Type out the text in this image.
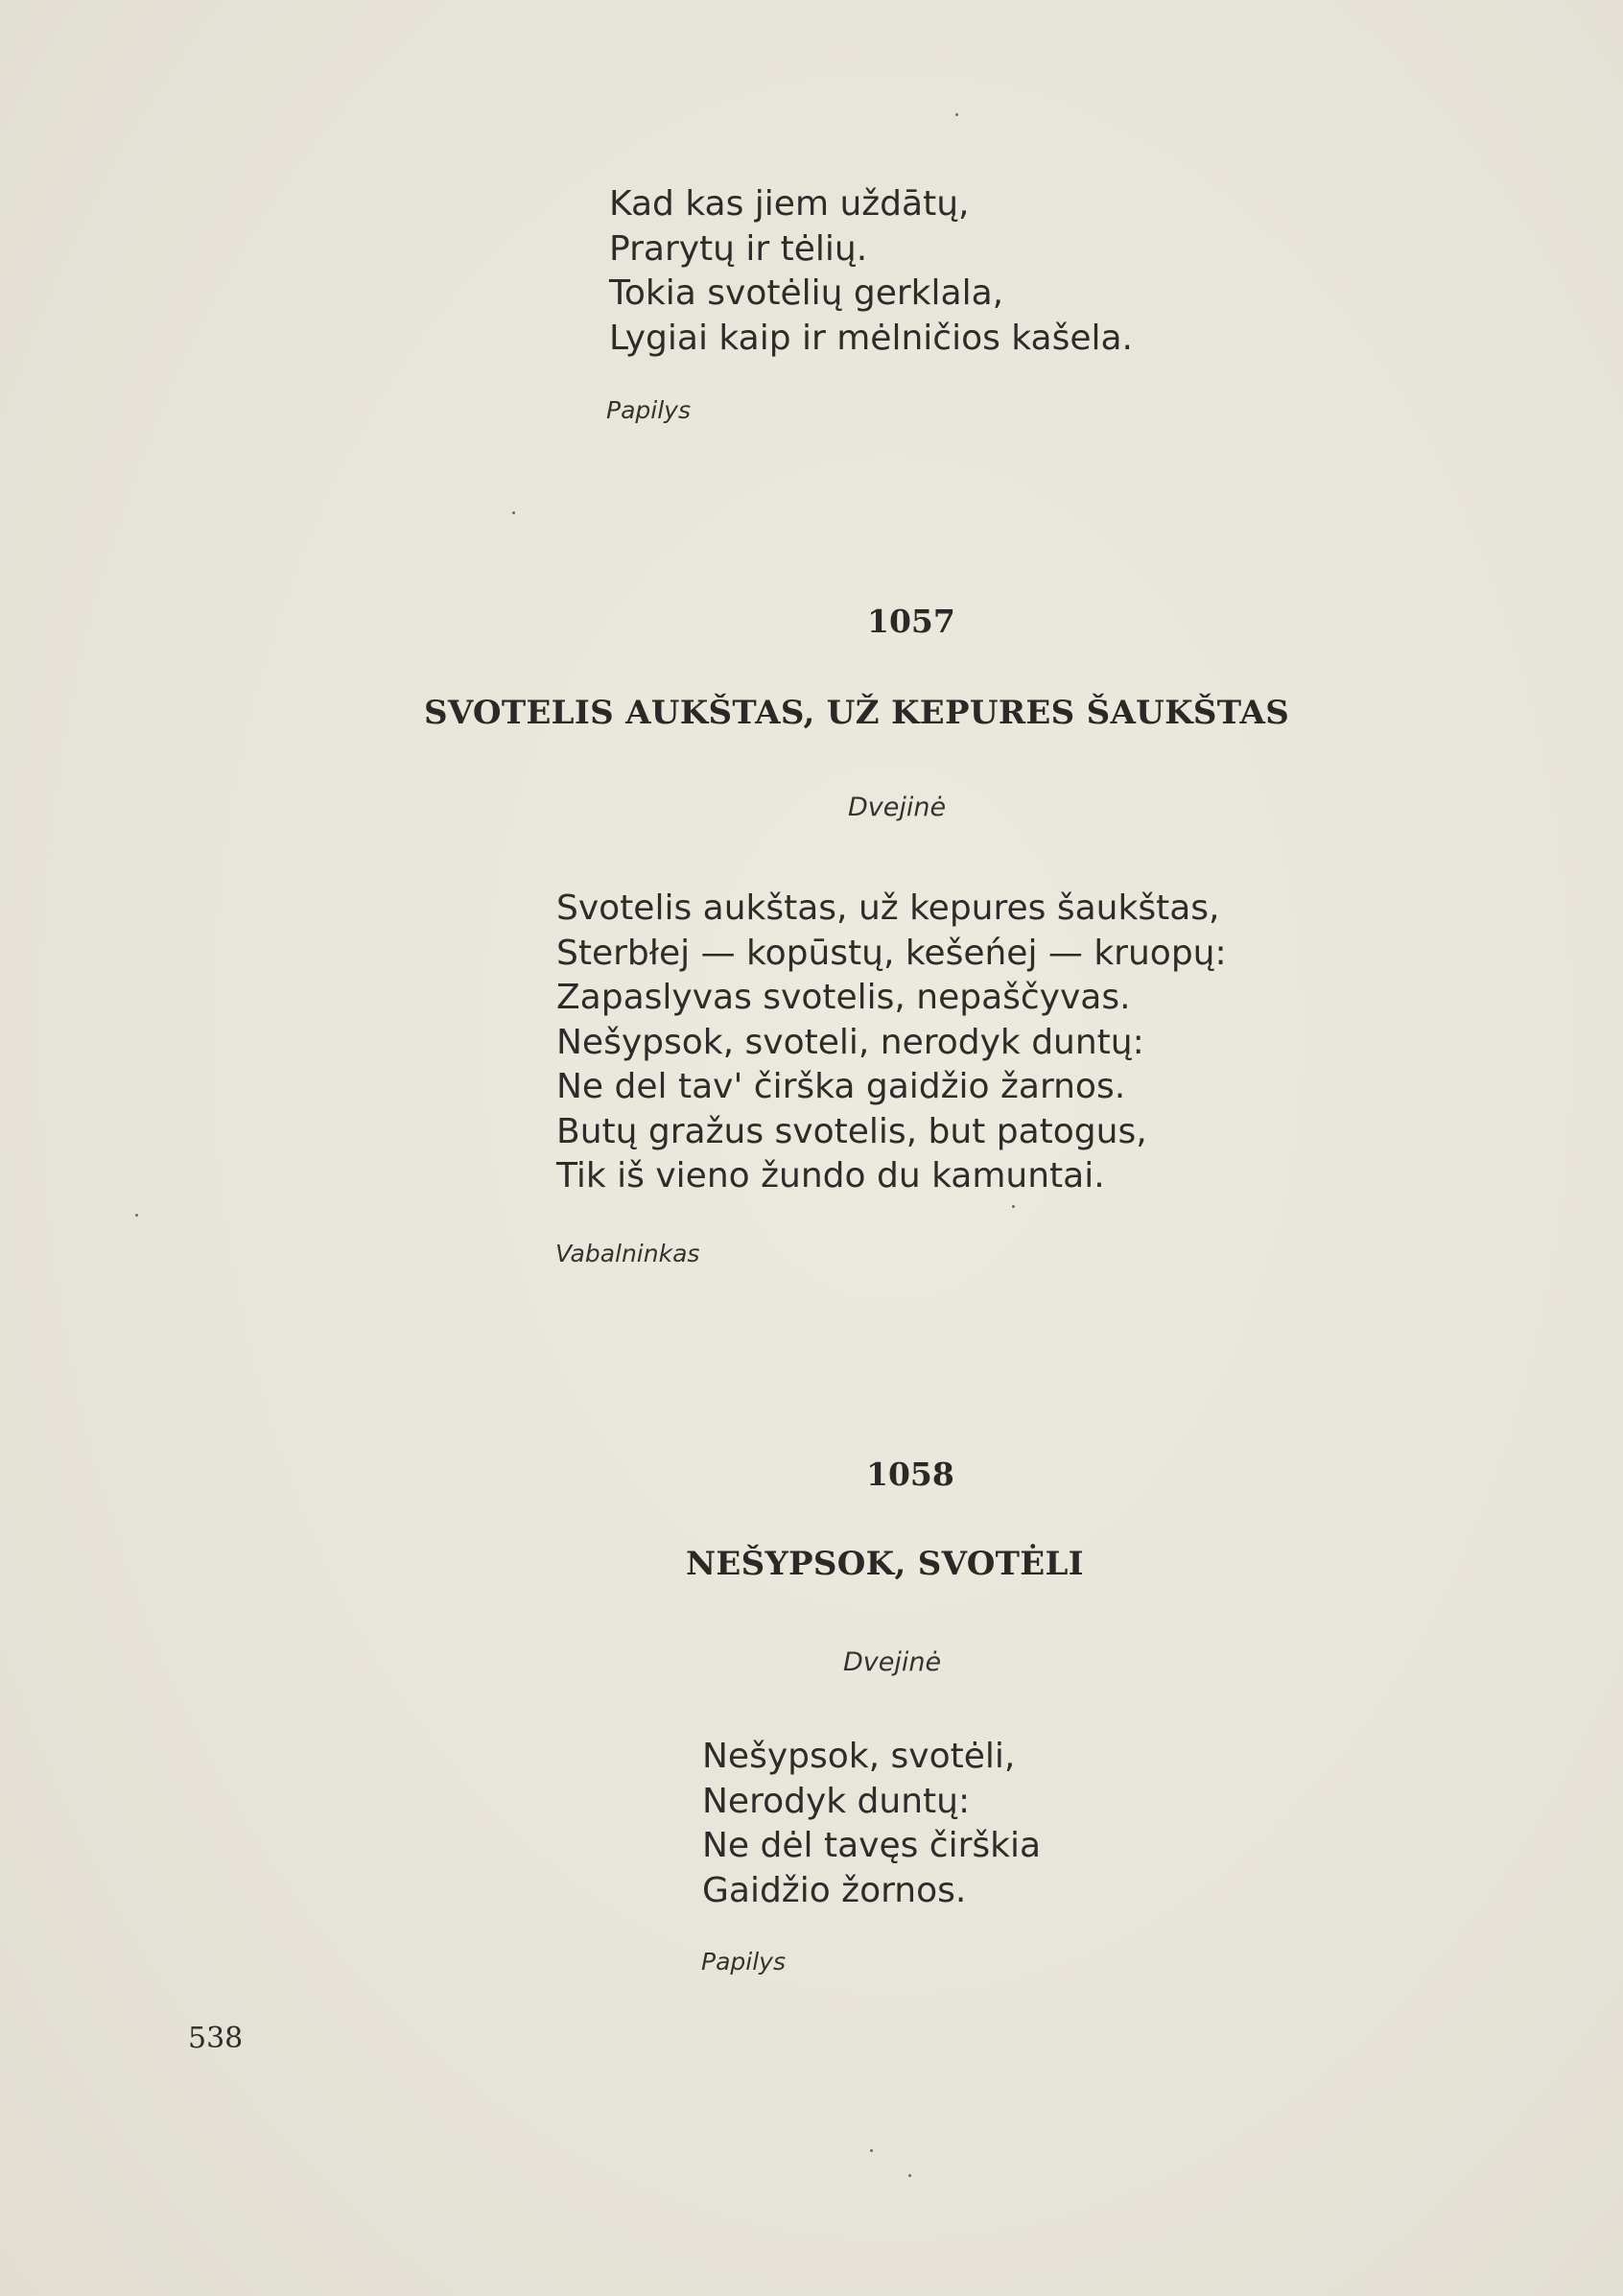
Kad kas jiem uždātų,
Prarytų ir tėlių.
Tokia svotėlių gerklala,
Lygiai kaip ir mėlničios kašela.
Papilys
1057
SVOTELIS AUKŠTAS, UŽ KEPURES ŠAUKŠTAS
Dvejinė
Svotelis aukštas, už kepures šaukštas,
Sterbłej — kopūstų, kešeńej — kruopų:
Zapaslyvas svotelis, nepaščyvas.
Nešypsok, svoteli, nerodyk duntų:
Ne del tav' čirška gaidžio žarnos.
Butų gražus svotelis, but patogus,
Tik iš vieno žundo du kamuntai.
Vabalninkas
1058
NEŠYPSOK, SVOTĖLI
Dvejinė
Nešypsok, svotėli,
Nerodyk duntų:
Ne dėl tavęs čirškia
Gaidžio žornos.
Papilys
538
